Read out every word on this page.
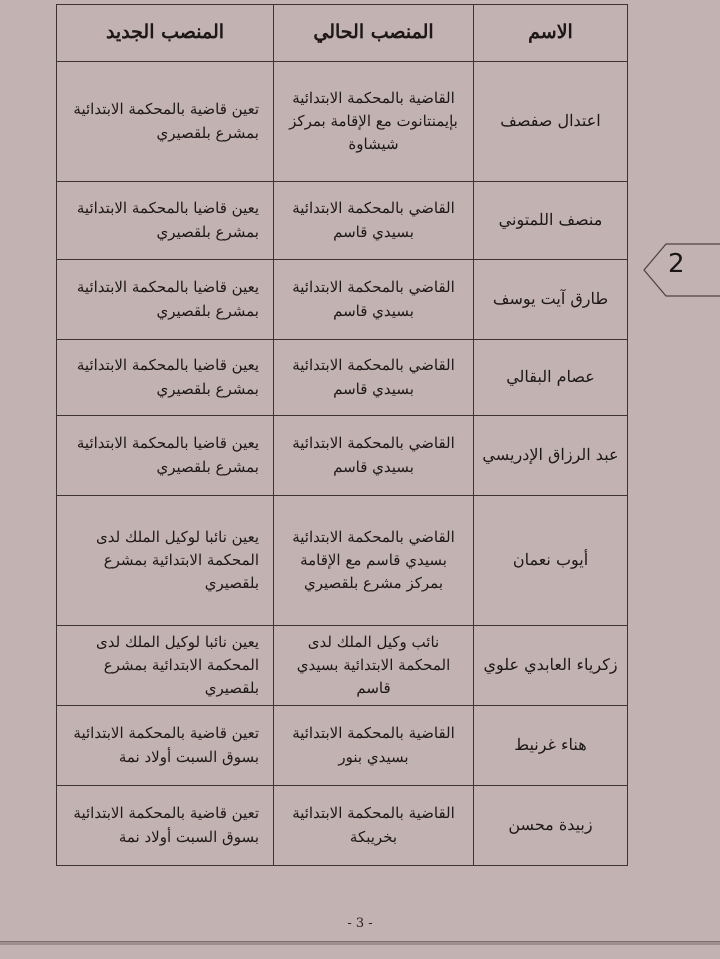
الاسم	المنصب الحالي	المنصب الجديد
اعتدال صفصف	القاضية بالمحكمة الابتدائية بإيمنتانوت مع الإقامة بمركز شيشاوة	تعين قاضية بالمحكمة الابتدائية بمشرع بلقصيري
منصف اللمتوني	القاضي بالمحكمة الابتدائية بسيدي قاسم	يعين قاضيا بالمحكمة الابتدائية بمشرع بلقصيري
طارق آيت يوسف	القاضي بالمحكمة الابتدائية بسيدي قاسم	يعين قاضيا بالمحكمة الابتدائية بمشرع بلقصيري
عصام البقالي	القاضي بالمحكمة الابتدائية بسيدي قاسم	يعين قاضيا بالمحكمة الابتدائية بمشرع بلقصيري
عبد الرزاق الإدريسي	القاضي بالمحكمة الابتدائية بسيدي قاسم	يعين قاضيا بالمحكمة الابتدائية بمشرع بلقصيري
أيوب نعمان	القاضي بالمحكمة الابتدائية بسيدي قاسم مع الإقامة بمركز مشرع بلقصيري	يعين نائبا لوكيل الملك لدى المحكمة الابتدائية بمشرع بلقصيري
زكرياء العابدي علوي	نائب وكيل الملك لدى المحكمة الابتدائية بسيدي قاسم	يعين نائبا لوكيل الملك لدى المحكمة الابتدائية بمشرع بلقصيري
هناء غرنيط	القاضية بالمحكمة الابتدائية بسيدي بنور	تعين قاضية بالمحكمة الابتدائية بسوق السبت أولاد نمة
زبيدة محسن	القاضية بالمحكمة الابتدائية بخريبكة	تعين قاضية بالمحكمة الابتدائية بسوق السبت أولاد نمة
2
- 3 -
